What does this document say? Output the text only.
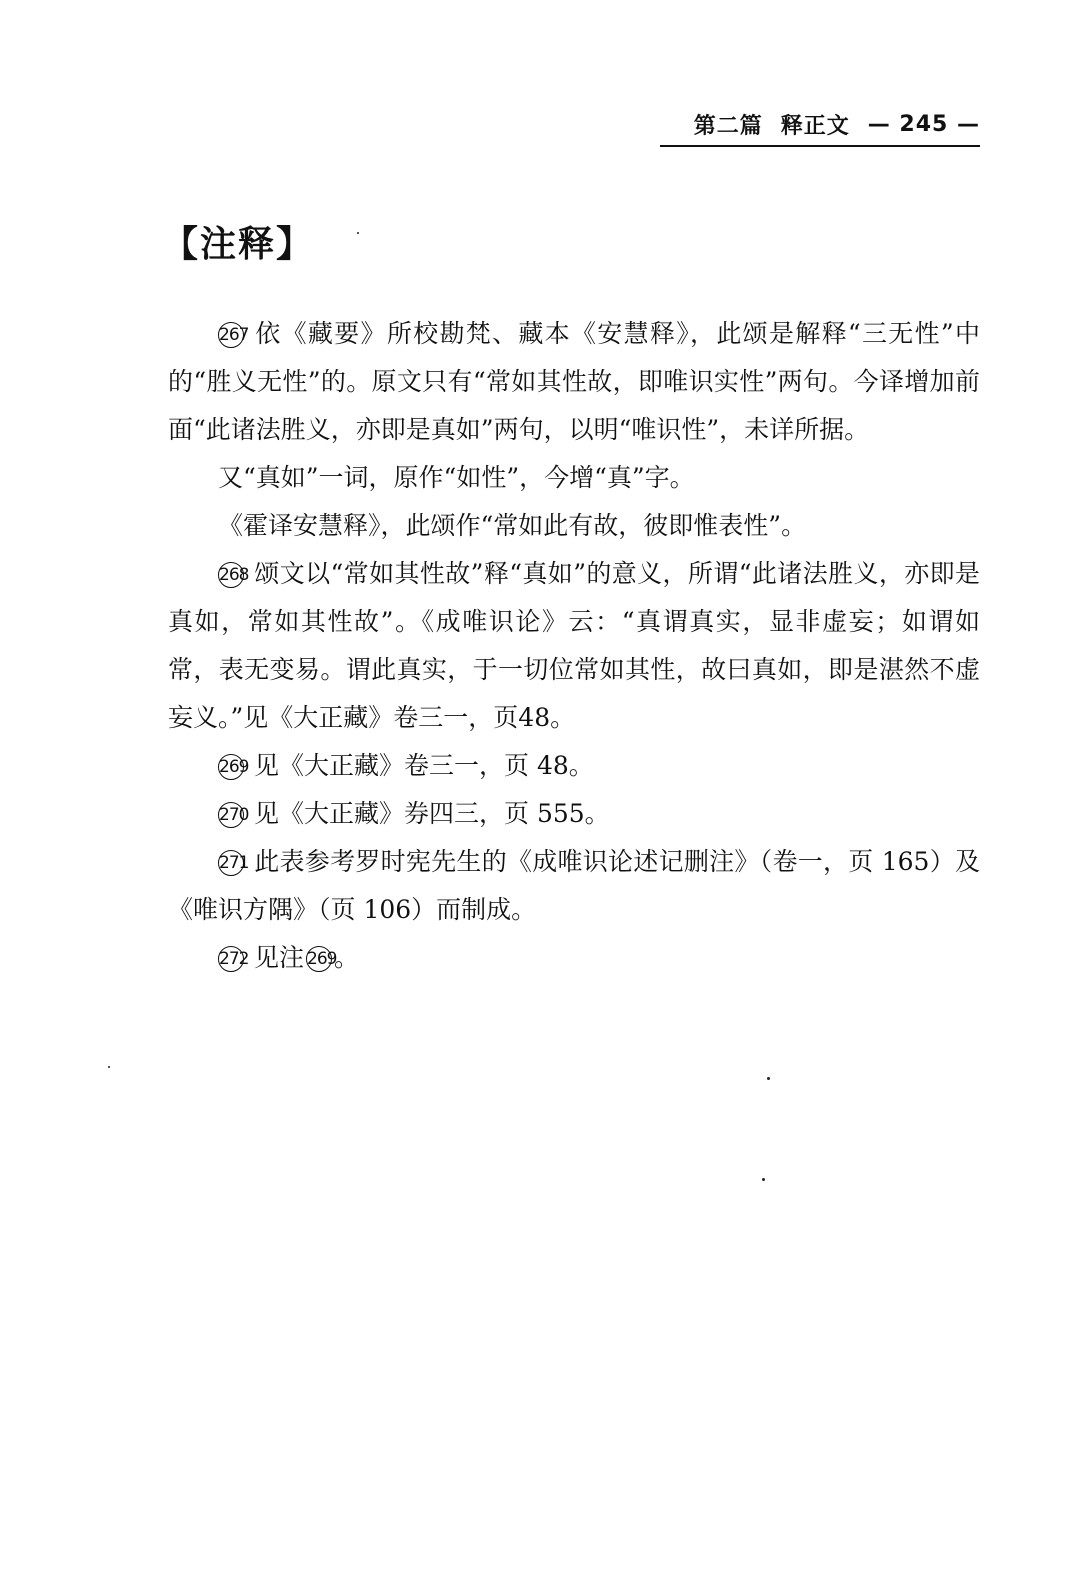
第二篇 释正文 — 245 —
【注释】

267 依《藏要》所校勘梵、藏本《安慧释》，此颂是解释“三无性”中的“胜义无性”的。原文只有“常如其性故，即唯识实性”两句。今译增加前面“此诸法胜义，亦即是真如”两句，以明“唯识性”，未详所据。

又“真如”一词，原作“如性”，今增“真”字。

《霍译安慧释》，此颂作“常如此有故，彼即惟表性”。

268 颂文以“常如其性故”释“真如”的意义，所谓“此诸法胜义，亦即是真如，常如其性故”。《成唯识论》云：“真谓真实，显非虚妄；如谓如常，表无变易。谓此真实，于一切位常如其性，故曰真如，即是湛然不虚妄义。”见《大正藏》卷三一，页48。

269 见《大正藏》卷三一，页 48。

270 见《大正藏》券四三，页 555。

271 此表参考罗时宪先生的《成唯识论述记删注》（卷一，页 165）及《唯识方隅》（页 106）而制成。

272 见注 269。
